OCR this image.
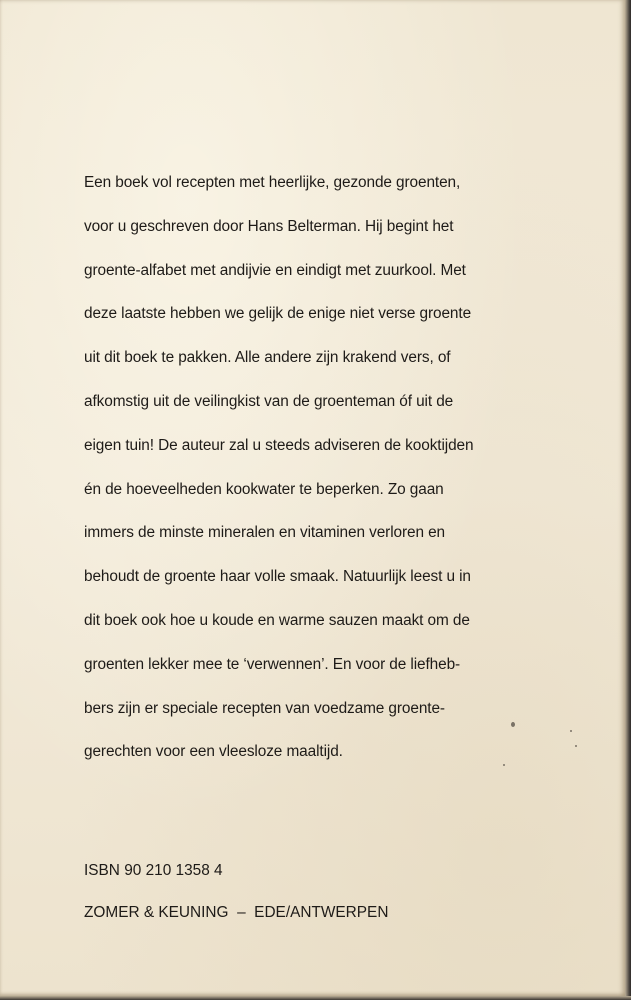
Een boek vol recepten met heerlijke, gezonde groenten,

voor u geschreven door Hans Belterman. Hij begint het

groente-alfabet met andijvie en eindigt met zuurkool. Met

deze laatste hebben we gelijk de enige niet verse groente

uit dit boek te pakken. Alle andere zijn krakend vers, of

afkomstig uit de veilingkist van de groenteman óf uit de

eigen tuin! De auteur zal u steeds adviseren de kooktijden

én de hoeveelheden kookwater te beperken. Zo gaan

immers de minste mineralen en vitaminen verloren en

behoudt de groente haar volle smaak. Natuurlijk leest u in

dit boek ook hoe u koude en warme sauzen maakt om de

groenten lekker mee te ‘verwennen’. En voor de liefheb-

bers zijn er speciale recepten van voedzame groente-

gerechten voor een vleesloze maaltijd.

ISBN 90 210 1358 4

ZOMER & KEUNING  –  EDE/ANTWERPEN
